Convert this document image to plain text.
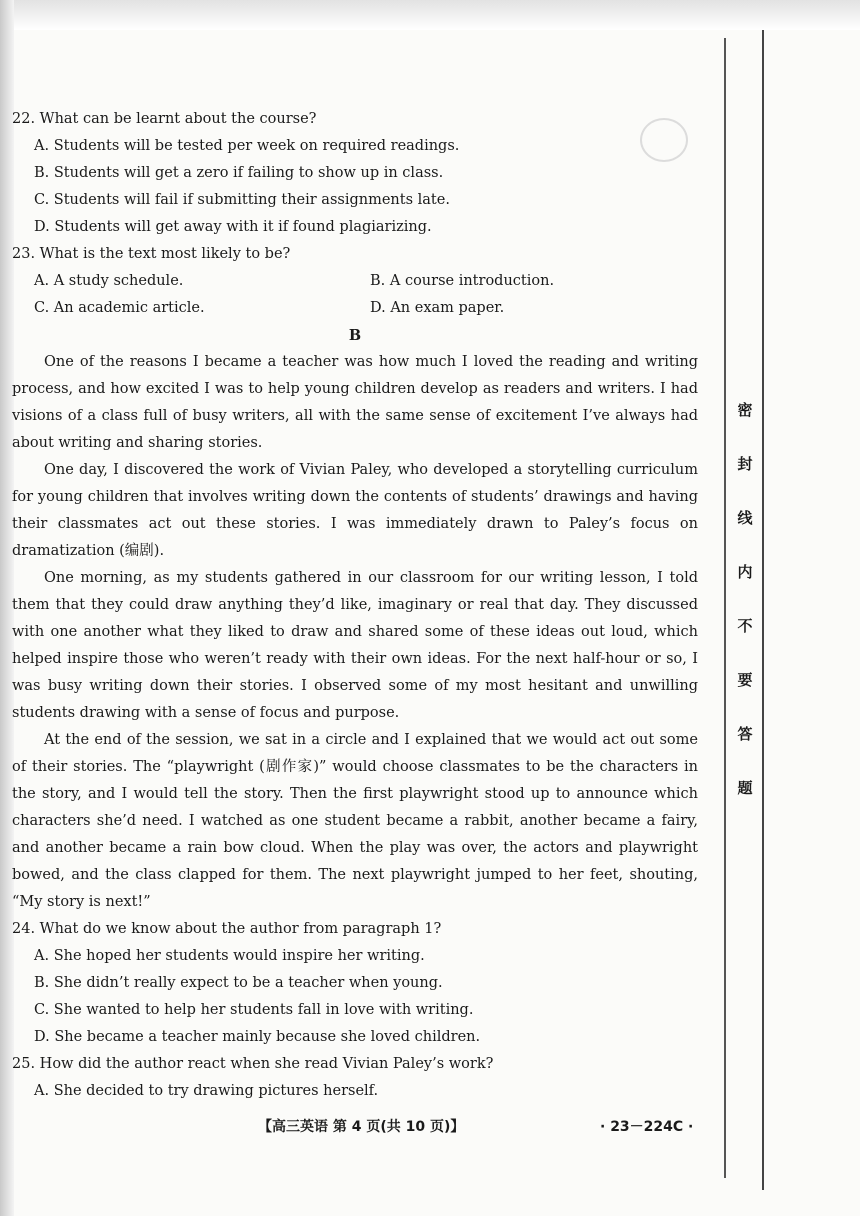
密
封
线
内
不
要
答
题

22. What can be learnt about the course?

A. Students will be tested per week on required readings.

B. Students will get a zero if failing to show up in class.

C. Students will fail if submitting their assignments late.

D. Students will get away with it if found plagiarizing.

23. What is the text most likely to be?

A. A study schedule.	B. A course introduction.
C. An academic article.	D. An exam paper.

B

One of the reasons I became a teacher was how much I loved the reading and writing process, and how excited I was to help young children develop as readers and writers. I had visions of a class full of busy writers, all with the same sense of excitement I’ve always had about writing and sharing stories.

One day, I discovered the work of Vivian Paley, who developed a storytelling curriculum for young children that involves writing down the contents of students’ drawings and having their classmates act out these stories. I was immediately drawn to Paley’s focus on dramatization (编剧).

One morning, as my students gathered in our classroom for our writing lesson, I told them that they could draw anything they’d like, imaginary or real that day. They discussed with one another what they liked to draw and shared some of these ideas out loud, which helped inspire those who weren’t ready with their own ideas. For the next half-hour or so, I was busy writing down their stories. I observed some of my most hesitant and unwilling students drawing with a sense of focus and purpose.

At the end of the session, we sat in a circle and I explained that we would act out some of their stories. The “playwright (剧作家)” would choose classmates to be the characters in the story, and I would tell the story. Then the first playwright stood up to announce which characters she’d need. I watched as one student became a rabbit, another became a fairy, and another became a rain bow cloud. When the play was over, the actors and playwright bowed, and the class clapped for them. The next playwright jumped to her feet, shouting, “My story is next!”

24. What do we know about the author from paragraph 1?

A. She hoped her students would inspire her writing.

B. She didn’t really expect to be a teacher when young.

C. She wanted to help her students fall in love with writing.

D. She became a teacher mainly because she loved children.

25. How did the author react when she read Vivian Paley’s work?

A. She decided to try drawing pictures herself.

【高三英语 第 4 页(共 10 页)】	· 23－224C ·
